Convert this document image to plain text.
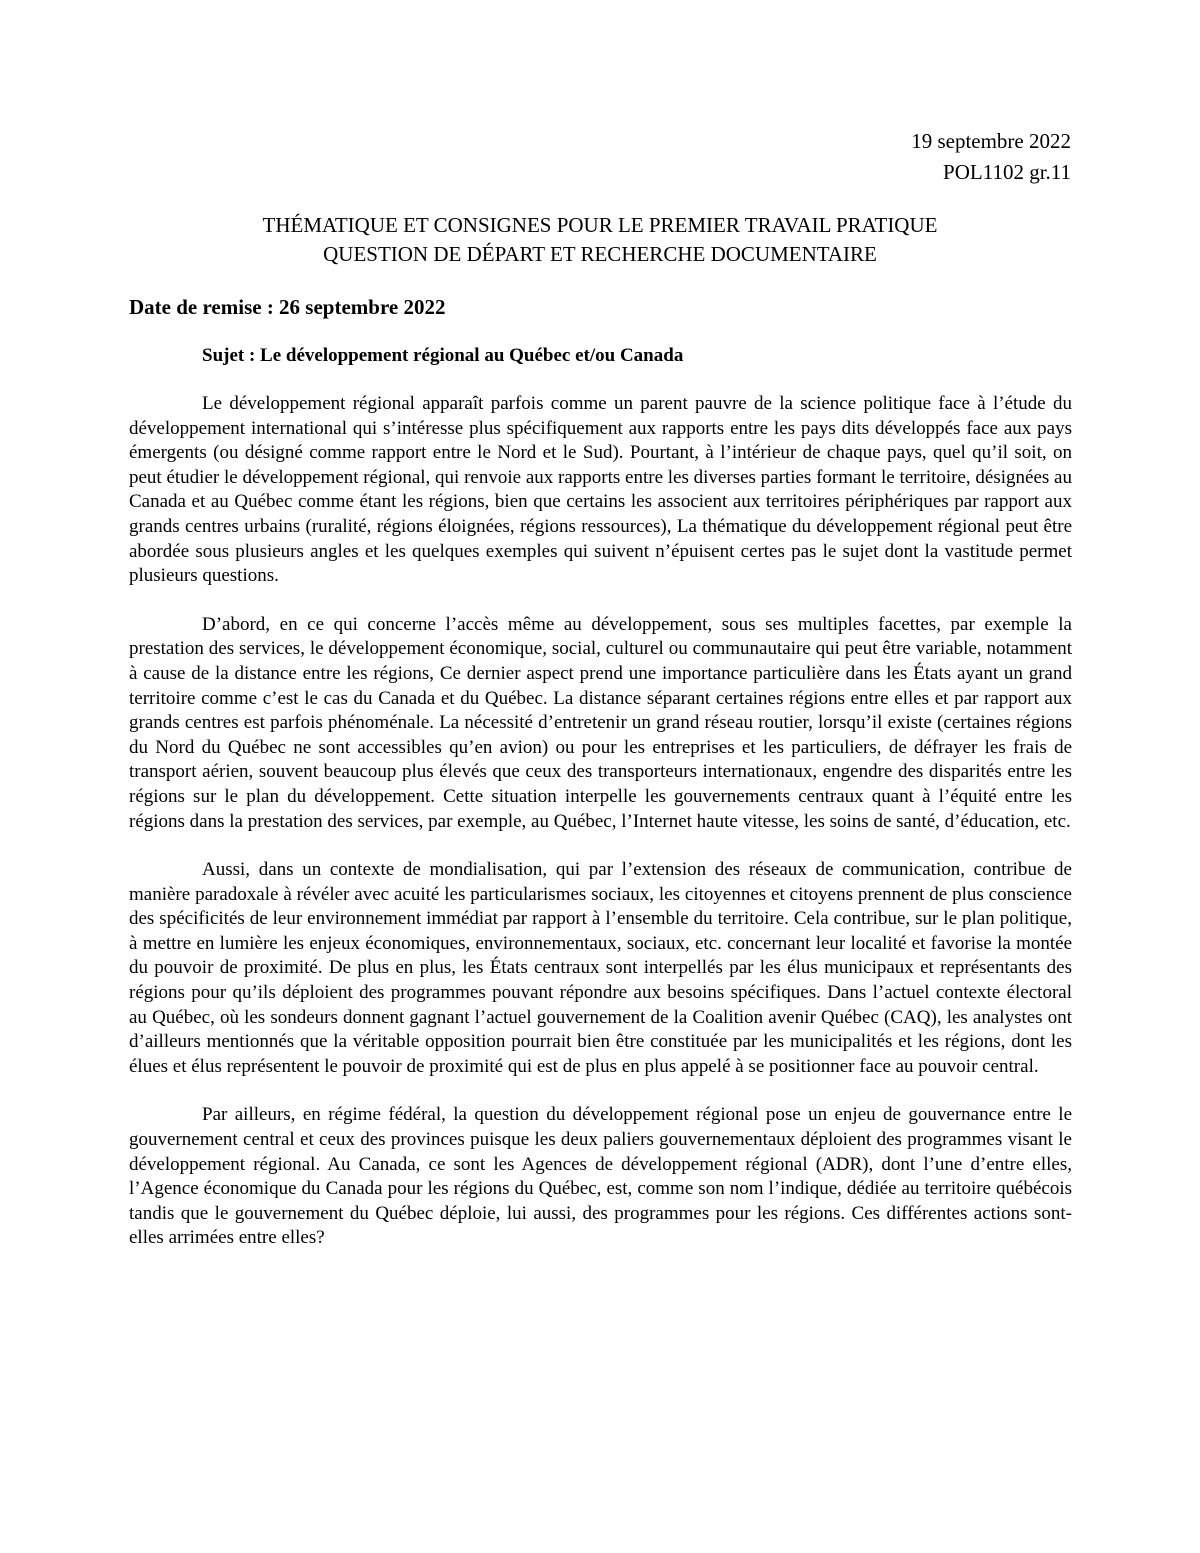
19 septembre 2022
POL1102 gr.11
THÉMATIQUE ET CONSIGNES POUR LE PREMIER TRAVAIL PRATIQUE
QUESTION DE DÉPART ET RECHERCHE DOCUMENTAIRE
Date de remise : 26 septembre 2022
Sujet : Le développement régional au Québec et/ou Canada

Le développement régional apparaît parfois comme un parent pauvre de la science politique face à l’étude du développement international qui s’intéresse plus spécifiquement aux rapports entre les pays dits développés face aux pays émergents (ou désigné comme rapport entre le Nord et le Sud). Pourtant, à l’intérieur de chaque pays, quel qu’il soit, on peut étudier le développement régional, qui renvoie aux rapports entre les diverses parties formant le territoire, désignées au Canada et au Québec comme étant les régions, bien que certains les associent aux territoires périphériques par rapport aux grands centres urbains (ruralité, régions éloignées, régions ressources), La thématique du développement régional peut être abordée sous plusieurs angles et les quelques exemples qui suivent n’épuisent certes pas le sujet dont la vastitude permet plusieurs questions.

D’abord, en ce qui concerne l’accès même au développement, sous ses multiples facettes, par exemple la prestation des services, le développement économique, social, culturel ou communautaire qui peut être variable, notamment à cause de la distance entre les régions, Ce dernier aspect prend une importance particulière dans les États ayant un grand territoire comme c’est le cas du Canada et du Québec. La distance séparant certaines régions entre elles et par rapport aux grands centres est parfois phénoménale. La nécessité d’entretenir un grand réseau routier, lorsqu’il existe (certaines régions du Nord du Québec ne sont accessibles qu’en avion) ou pour les entreprises et les particuliers, de défrayer les frais de transport aérien, souvent beaucoup plus élevés que ceux des transporteurs internationaux, engendre des disparités entre les régions sur le plan du développement. Cette situation interpelle les gouvernements centraux quant à l’équité entre les régions dans la prestation des services, par exemple, au Québec, l’Internet haute vitesse, les soins de santé, d’éducation, etc.

Aussi, dans un contexte de mondialisation, qui par l’extension des réseaux de communication, contribue de manière paradoxale à révéler avec acuité les particularismes sociaux, les citoyennes et citoyens prennent de plus conscience des spécificités de leur environnement immédiat par rapport à l’ensemble du territoire. Cela contribue, sur le plan politique, à mettre en lumière les enjeux économiques, environnementaux, sociaux, etc. concernant leur localité et favorise la montée du pouvoir de proximité. De plus en plus, les États centraux sont interpellés par les élus municipaux et représentants des régions pour qu’ils déploient des programmes pouvant répondre aux besoins spécifiques. Dans l’actuel contexte électoral au Québec, où les sondeurs donnent gagnant l’actuel gouvernement de la Coalition avenir Québec (CAQ), les analystes ont d’ailleurs mentionnés que la véritable opposition pourrait bien être constituée par les municipalités et les régions, dont les élues et élus représentent le pouvoir de proximité qui est de plus en plus appelé à se positionner face au pouvoir central.

Par ailleurs, en régime fédéral, la question du développement régional pose un enjeu de gouvernance entre le gouvernement central et ceux des provinces puisque les deux paliers gouvernementaux déploient des programmes visant le développement régional. Au Canada, ce sont les Agences de développement régional (ADR), dont l’une d’entre elles, l’Agence économique du Canada pour les régions du Québec, est, comme son nom l’indique, dédiée au territoire québécois tandis que le gouvernement du Québec déploie, lui aussi, des programmes pour les régions. Ces différentes actions sont-elles arrimées entre elles?
